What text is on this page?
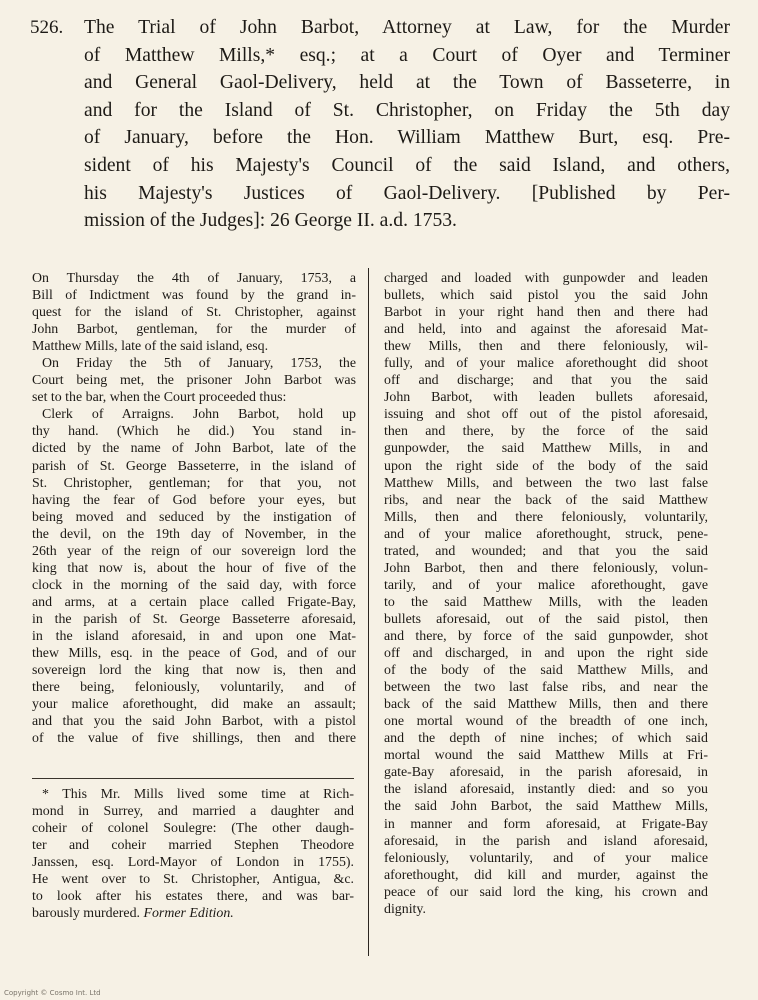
526. The Trial of John Barbot, Attorney at Law, for the Murder
of Matthew Mills,* esq.; at a Court of Oyer and Terminer
and General Gaol-Delivery, held at the Town of Basseterre, in
and for the Island of St. Christopher, on Friday the 5th day
of January, before the Hon. William Matthew Burt, esq. Pre-
sident of his Majesty's Council of the said Island, and others,
his Majesty's Justices of Gaol-Delivery. [Published by Per-
mission of the Judges]: 26 George II. a.d. 1753.
On Thursday the 4th of January, 1753, a
Bill of Indictment was found by the grand in-
quest for the island of St. Christopher, against
John Barbot, gentleman, for the murder of
Matthew Mills, late of the said island, esq.
On Friday the 5th of January, 1753, the
Court being met, the prisoner John Barbot was
set to the bar, when the Court proceeded thus:
Clerk of Arraigns. John Barbot, hold up
thy hand. (Which he did.) You stand in-
dicted by the name of John Barbot, late of the
parish of St. George Basseterre, in the island of
St. Christopher, gentleman; for that you, not
having the fear of God before your eyes, but
being moved and seduced by the instigation of
the devil, on the 19th day of November, in the
26th year of the reign of our sovereign lord the
king that now is, about the hour of five of the
clock in the morning of the said day, with force
and arms, at a certain place called Frigate-Bay,
in the parish of St. George Basseterre aforesaid,
in the island aforesaid, in and upon one Mat-
thew Mills, esq. in the peace of God, and of our
sovereign lord the king that now is, then and
there being, feloniously, voluntarily, and of
your malice aforethought, did make an assault;
and that you the said John Barbot, with a pistol
of the value of five shillings, then and there
charged and loaded with gunpowder and leaden
bullets, which said pistol you the said John
Barbot in your right hand then and there had
and held, into and against the aforesaid Mat-
thew Mills, then and there feloniously, wil-
fully, and of your malice aforethought did shoot
off and discharge; and that you the said
John Barbot, with leaden bullets aforesaid,
issuing and shot off out of the pistol aforesaid,
then and there, by the force of the said
gunpowder, the said Matthew Mills, in and
upon the right side of the body of the said
Matthew Mills, and between the two last false
ribs, and near the back of the said Matthew
Mills, then and there feloniously, voluntarily,
and of your malice aforethought, struck, pene-
trated, and wounded; and that you the said
John Barbot, then and there feloniously, volun-
tarily, and of your malice aforethought, gave
to the said Matthew Mills, with the leaden
bullets aforesaid, out of the said pistol, then
and there, by force of the said gunpowder, shot
off and discharged, in and upon the right side
of the body of the said Matthew Mills, and
between the two last false ribs, and near the
back of the said Matthew Mills, then and there
one mortal wound of the breadth of one inch,
and the depth of nine inches; of which said
mortal wound the said Matthew Mills at Fri-
gate-Bay aforesaid, in the parish aforesaid, in
the island aforesaid, instantly died: and so you
the said John Barbot, the said Matthew Mills,
in manner and form aforesaid, at Frigate-Bay
aforesaid, in the parish and island aforesaid,
feloniously, voluntarily, and of your malice
aforethought, did kill and murder, against the
peace of our said lord the king, his crown and
dignity.
* This Mr. Mills lived some time at Rich-
mond in Surrey, and married a daughter and
coheir of colonel Soulegre: (The other daugh-
ter and coheir married Stephen Theodore
Janssen, esq. Lord-Mayor of London in 1755).
He went over to St. Christopher, Antigua, &c.
to look after his estates there, and was bar-
barously murdered. Former Edition.
Copyright © Cosmo Int. Ltd
